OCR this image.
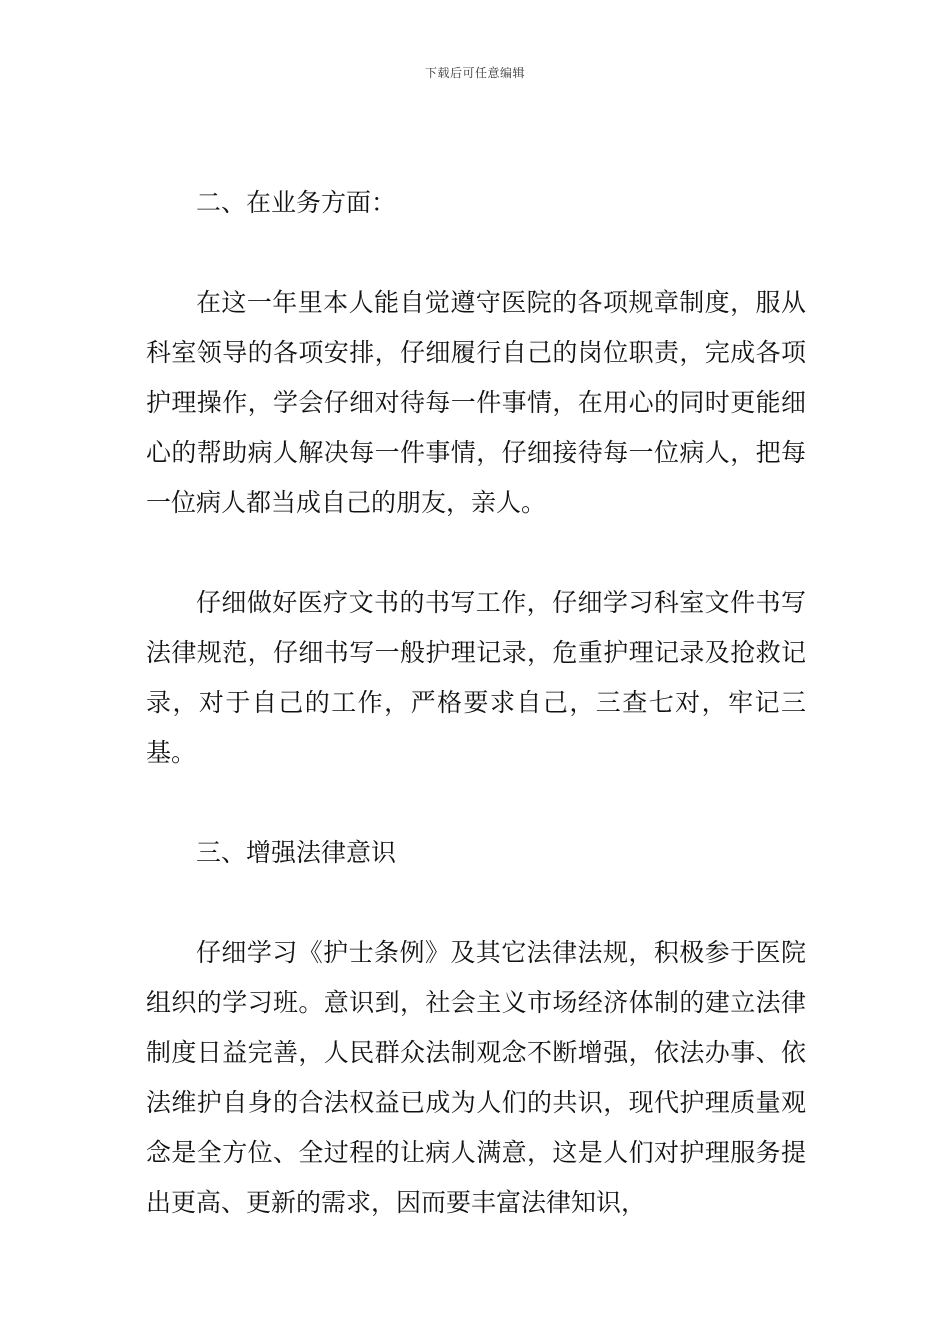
下载后可任意编辑

二、在业务方面：

在这一年里本人能自觉遵守医院的各项规章制度，服从科室领导的各项安排，仔细履行自己的岗位职责，完成各项护理操作，学会仔细对待每一件事情，在用心的同时更能细心的帮助病人解决每一件事情，仔细接待每一位病人，把每一位病人都当成自己的朋友，亲人。

仔细做好医疗文书的书写工作，仔细学习科室文件书写法律规范，仔细书写一般护理记录，危重护理记录及抢救记录，对于自己的工作，严格要求自己，三查七对，牢记三基。

三、增强法律意识

仔细学习《护士条例》及其它法律法规，积极参于医院组织的学习班。意识到，社会主义市场经济体制的建立法律制度日益完善，人民群众法制观念不断增强，依法办事、依法维护自身的合法权益已成为人们的共识，现代护理质量观念是全方位、全过程的让病人满意，这是人们对护理服务提出更高、更新的需求，因而要丰富法律知识，
